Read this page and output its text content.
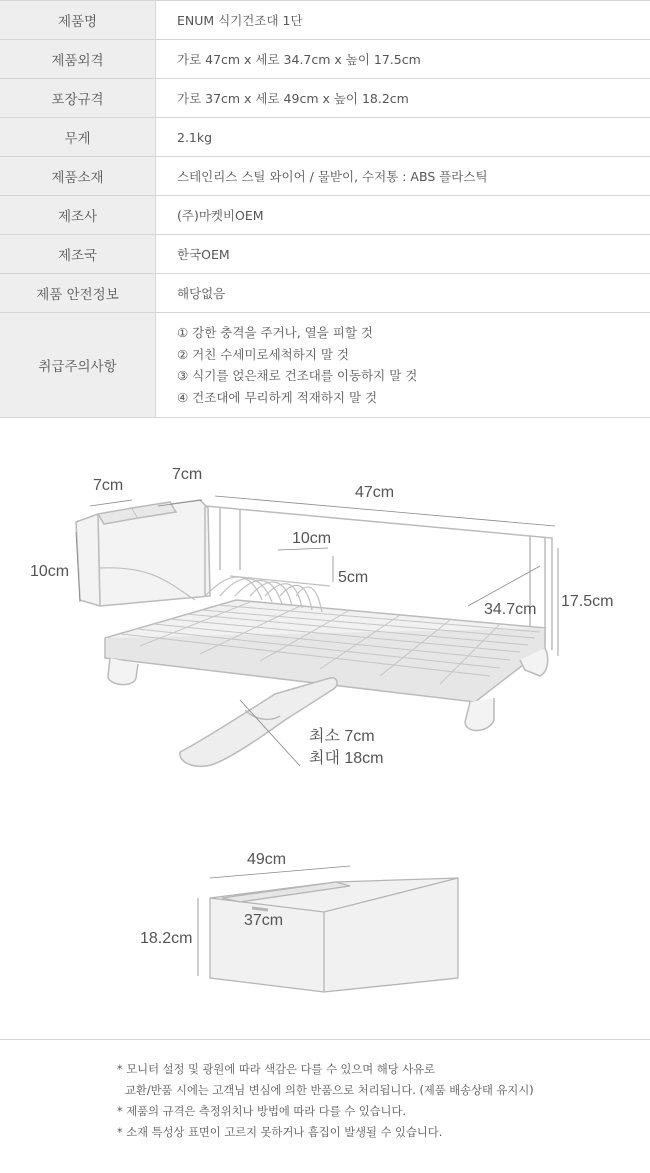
제품명	ENUM 식기건조대 1단
제품외격	가로 47cm x 세로 34.7cm x 높이 17.5cm
포장규격	가로 37cm x 세로 49cm x 높이 18.2cm
무게	2.1kg
제품소재	스테인리스 스틸 와이어 / 물받이, 수저통 : ABS 플라스틱
제조사	(주)마켓비OEM
제조국	한국OEM
제품 안전정보	해당없음
취급주의사항	① 강한 충격을 주거나, 열을 피할 것
② 거친 수세미로세척하지 말 것
③ 식기를 얹은채로 건조대를 이동하지 말 것
④ 건조대에 무리하게 적재하지 말 것
7cm
7cm
10cm
47cm
10cm
5cm
34.7cm 17.5cm
최소 7cm
최대 18cm
49cm
37cm
18.2cm
* 모니터 설정 및 광원에 따라 색감은 다를 수 있으며 해당 사유로
교환/반품 시에는 고객님 변심에 의한 반품으로 처리됩니다. (제품 배송상태 유지시)
* 제품의 규격은 측정위치나 방법에 따라 다를 수 있습니다.
* 소재 특성상 표면이 고르지 못하거나 흠집이 발생될 수 있습니다.
